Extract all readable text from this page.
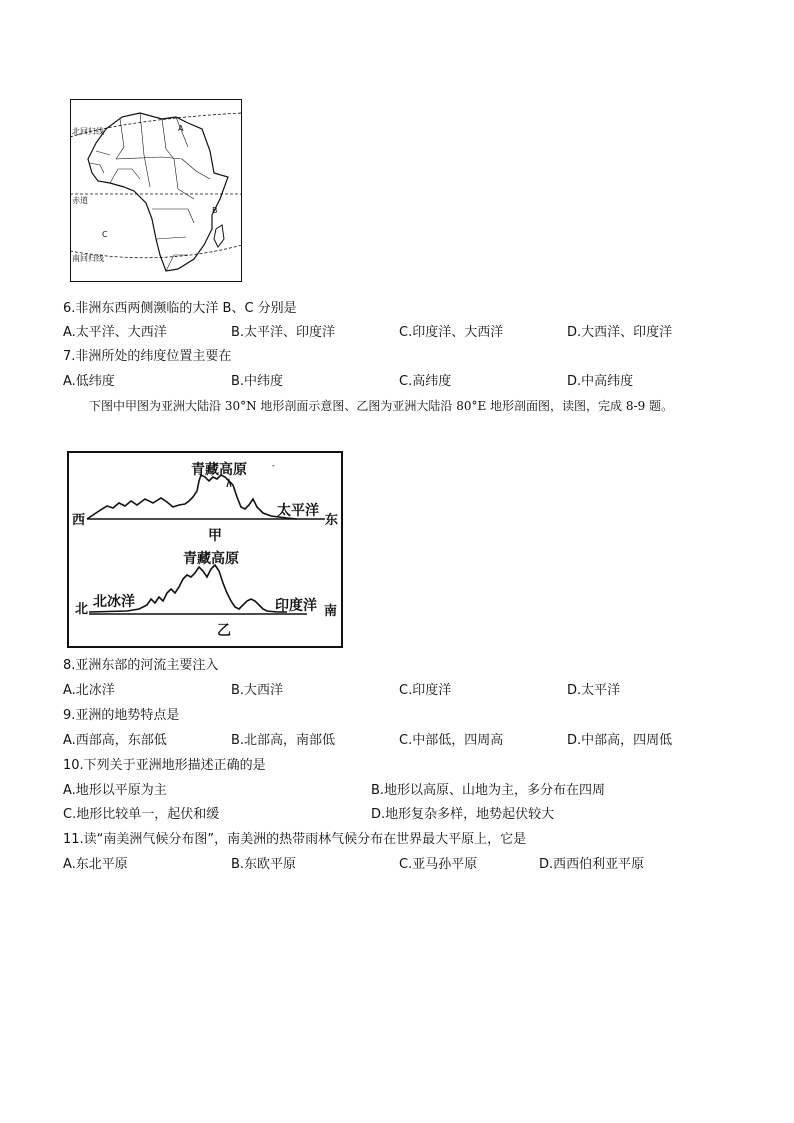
北回归线
赤道
南回归线
A
B
C
6.非洲东西两侧濒临的大洋 B、C 分别是
A.太平洋、大西洋	B.太平洋、印度洋	C.印度洋、大西洋	D.大西洋、印度洋
7.非洲所处的纬度位置主要在
A.低纬度	B.中纬度	C.高纬度	D.中高纬度
下图中甲图为亚洲大陆沿 30°N 地形剖面示意图、乙图为亚洲大陆沿 80°E 地形剖面图，读图，完成 8-9 题。
-
青藏高原
西
太平洋
东
甲
青藏高原
北 北冰洋	印度洋 南
乙
8.亚洲东部的河流主要注入
A.北冰洋	B.大西洋	C.印度洋	D.太平洋
9.亚洲的地势特点是
A.西部高，东部低	B.北部高，南部低	C.中部低，四周高	D.中部高，四周低
10.下列关于亚洲地形描述正确的是
A.地形以平原为主	B.地形以高原、山地为主，多分布在四周
C.地形比较单一，起伏和缓	D.地形复杂多样，地势起伏较大
11.读“南美洲气候分布图”，南美洲的热带雨林气候分布在世界最大平原上，它是
A.东北平原	B.东欧平原	C.亚马孙平原	D.西西伯利亚平原
